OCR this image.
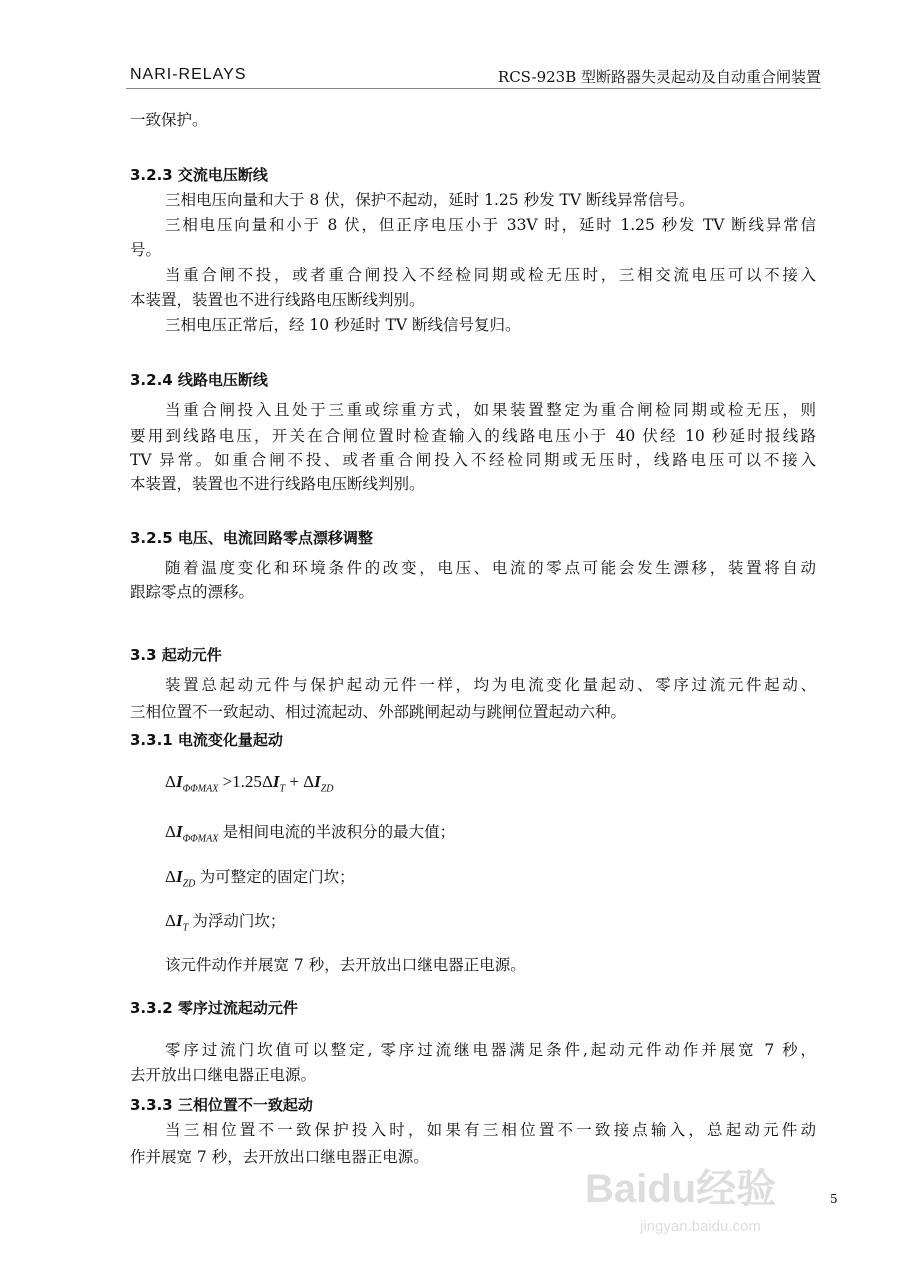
NARI-RELAYS	RCS-923B 型断路器失灵起动及自动重合闸装置
一致保护。
3.2.3 交流电压断线
三相电压向量和大于 8 伏，保护不起动，延时 1.25 秒发 TV 断线异常信号。
三相电压向量和小于 8 伏，但正序电压小于 33V 时，延时 1.25 秒发 TV 断线异常信
号。
当重合闸不投，或者重合闸投入不经检同期或检无压时，三相交流电压可以不接入
本装置，装置也不进行线路电压断线判别。
三相电压正常后，经 10 秒延时 TV 断线信号复归。
3.2.4 线路电压断线
当重合闸投入且处于三重或综重方式，如果装置整定为重合闸检同期或检无压，则
要用到线路电压，开关在合闸位置时检查输入的线路电压小于 40 伏经 10 秒延时报线路
TV 异常。如重合闸不投、或者重合闸投入不经检同期或无压时，线路电压可以不接入
本装置，装置也不进行线路电压断线判别。
3.2.5 电压、电流回路零点漂移调整
随着温度变化和环境条件的改变，电压、电流的零点可能会发生漂移，装置将自动
跟踪零点的漂移。
3.3 起动元件
装置总起动元件与保护起动元件一样，均为电流变化量起动、零序过流元件起动、
三相位置不一致起动、相过流起动、外部跳闸起动与跳闸位置起动六种。
3.3.1 电流变化量起动
$\Delta I_{\Phi\Phi MAX} >1.25\Delta I_T + \Delta I_{ZD}$
$\Delta I_{\Phi\Phi MAX}$ 是相间电流的半波积分的最大值；
$\Delta I_{ZD}$ 为可整定的固定门坎；
$\Delta I_T$ 为浮动门坎；
该元件动作并展宽 7 秒，去开放出口继电器正电源。
3.3.2 零序过流起动元件
零序过流门坎值可以整定, 零序过流继电器满足条件,起动元件动作并展宽 7 秒，
去开放出口继电器正电源。
3.3.3 三相位置不一致起动
当三相位置不一致保护投入时，如果有三相位置不一致接点输入，总起动元件动
作并展宽 7 秒，去开放出口继电器正电源。
Baidu经验
jingyan.baidu.com
5
